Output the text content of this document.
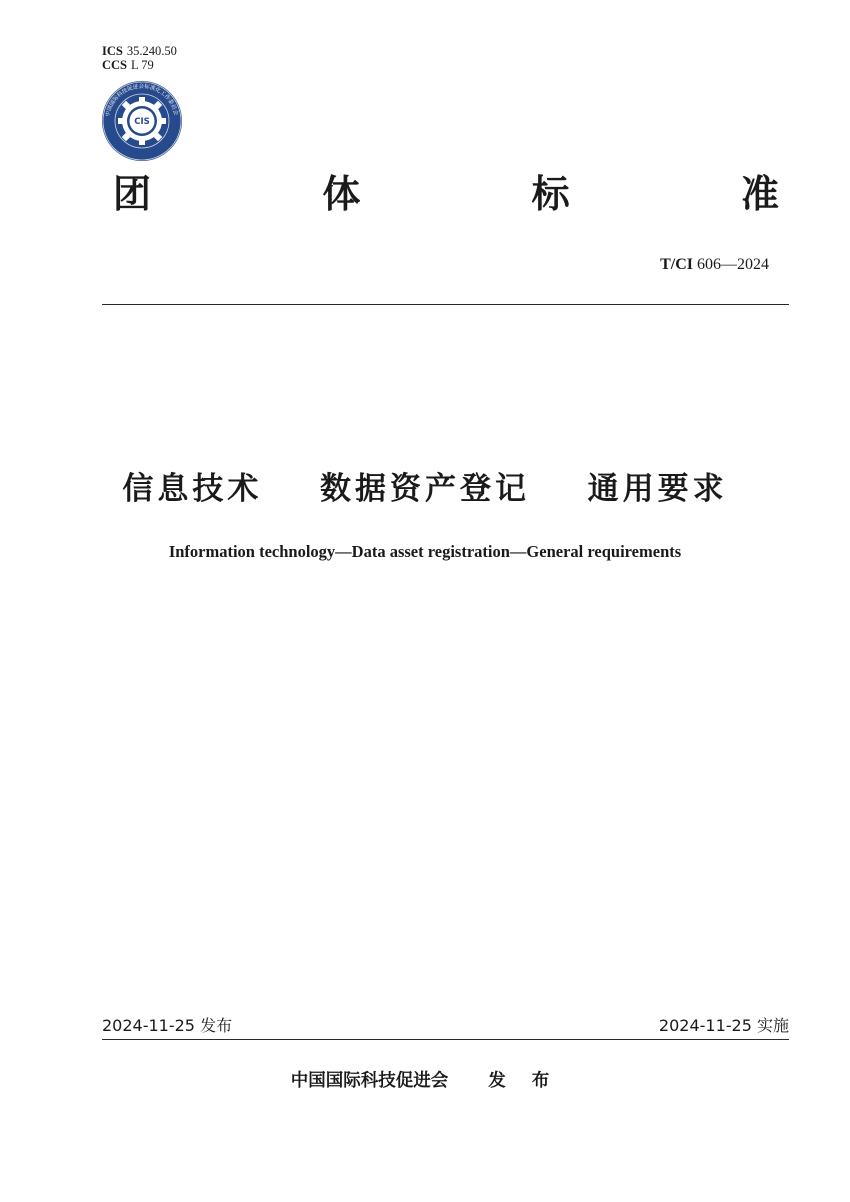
ICS 35.240.50
CCS L 79
中国国际科技促进会标准化工作委员会
CIS
团	体	标	准
T/CI 606—2024
信息技术  数据资产登记  通用要求
Information technology—Data asset registration—General requirements
2024-11-25 发布	2024-11-25 实施
中国国际科技促进会 发 布
